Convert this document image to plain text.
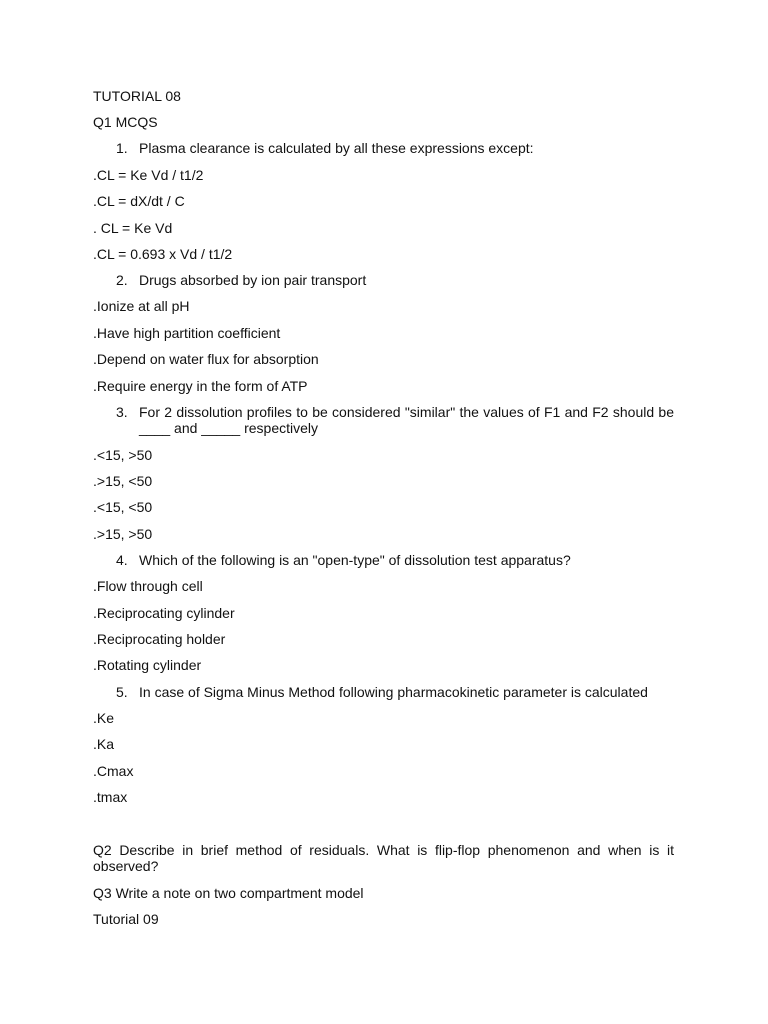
TUTORIAL 08
Q1 MCQS
1. Plasma clearance is calculated by all these expressions except:
.CL = Ke Vd / t1/2
.CL = dX/dt / C
. CL = Ke Vd
.CL = 0.693 x Vd / t1/2
2. Drugs absorbed by ion pair transport
.Ionize at all pH
.Have high partition coefficient
.Depend on water flux for absorption
.Require energy in the form of ATP
3. For 2 dissolution profiles to be considered "similar" the values of F1 and F2 should be ____ and _____ respectively
.<15, >50
.>15, <50
.<15, <50
.>15, >50
4. Which of the following is an "open-type" of dissolution test apparatus?
.Flow through cell
.Reciprocating cylinder
.Reciprocating holder
.Rotating cylinder
5. In case of Sigma Minus Method following pharmacokinetic parameter is calculated
.Ke
.Ka
.Cmax
.tmax
Q2 Describe in brief method of residuals. What is flip-flop phenomenon and when is it observed?
Q3 Write a note on two compartment model
Tutorial 09
